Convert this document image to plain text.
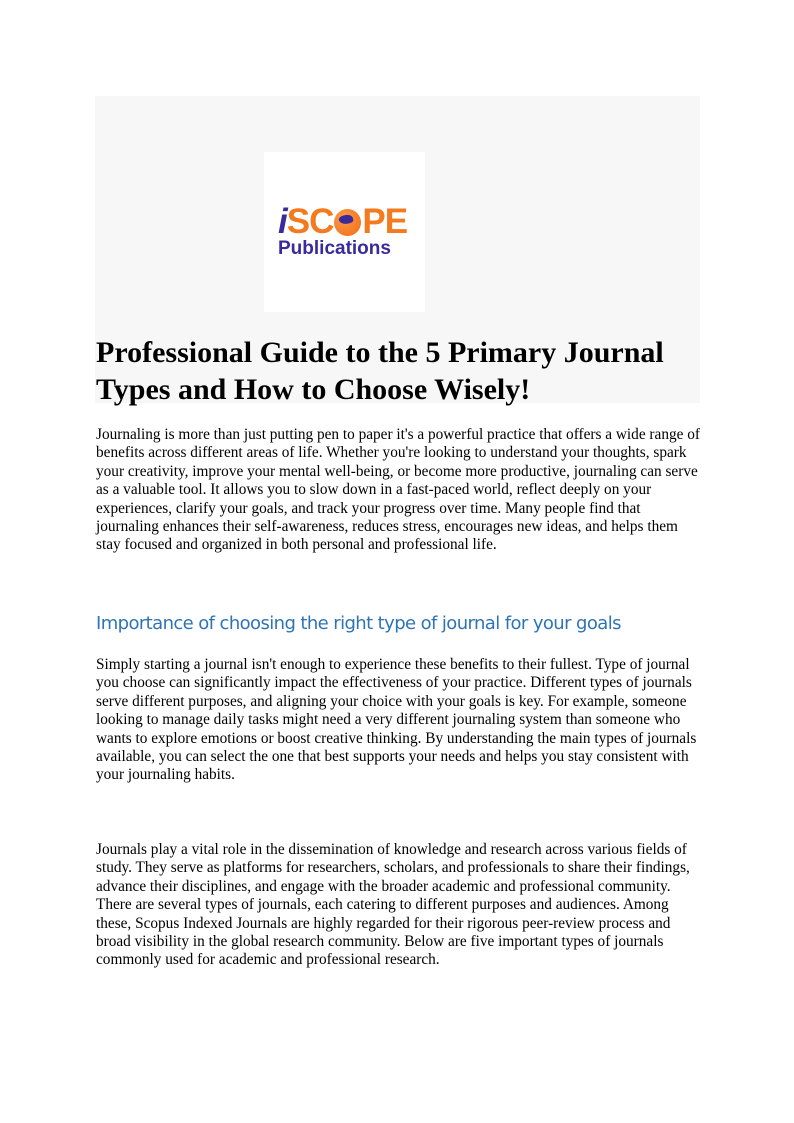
iSC PE
Publications
Professional Guide to the 5 Primary Journal Types and How to Choose Wisely!

Journaling is more than just putting pen to paper it's a powerful practice that offers a wide range of benefits across different areas of life. Whether you're looking to understand your thoughts, spark your creativity, improve your mental well-being, or become more productive, journaling can serve as a valuable tool. It allows you to slow down in a fast-paced world, reflect deeply on your experiences, clarify your goals, and track your progress over time. Many people find that journaling enhances their self-awareness, reduces stress, encourages new ideas, and helps them stay focused and organized in both personal and professional life.

Importance of choosing the right type of journal for your goals

Simply starting a journal isn't enough to experience these benefits to their fullest. Type of journal you choose can significantly impact the effectiveness of your practice. Different types of journals serve different purposes, and aligning your choice with your goals is key. For example, someone looking to manage daily tasks might need a very different journaling system than someone who wants to explore emotions or boost creative thinking. By understanding the main types of journals available, you can select the one that best supports your needs and helps you stay consistent with your journaling habits.

Journals play a vital role in the dissemination of knowledge and research across various fields of study. They serve as platforms for researchers, scholars, and professionals to share their findings, advance their disciplines, and engage with the broader academic and professional community. There are several types of journals, each catering to different purposes and audiences. Among these, Scopus Indexed Journals are highly regarded for their rigorous peer-review process and broad visibility in the global research community. Below are five important types of journals commonly used for academic and professional research.
